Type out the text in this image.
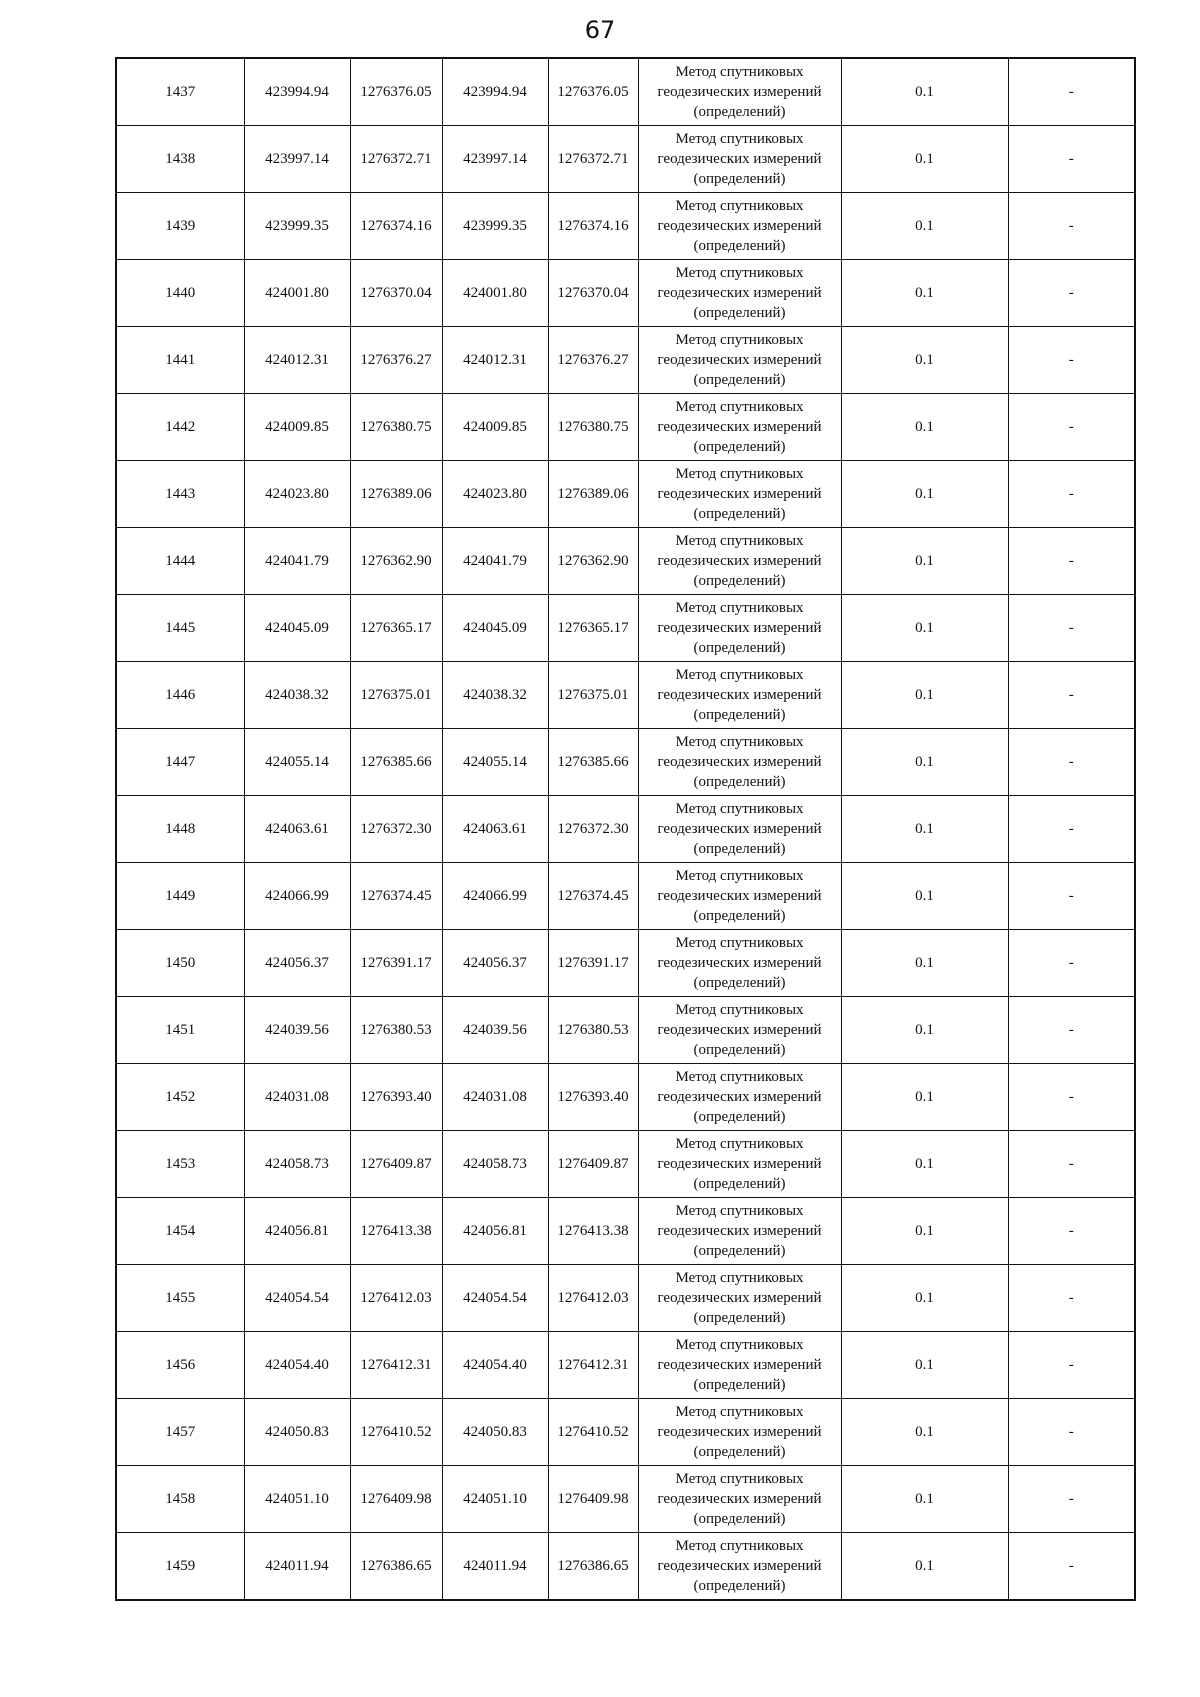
67
1437	423994.94	1276376.05	423994.94	1276376.05	Метод спутниковых
геодезических измерений
(определений)	0.1	-
1438	423997.14	1276372.71	423997.14	1276372.71	Метод спутниковых
геодезических измерений
(определений)	0.1	-
1439	423999.35	1276374.16	423999.35	1276374.16	Метод спутниковых
геодезических измерений
(определений)	0.1	-
1440	424001.80	1276370.04	424001.80	1276370.04	Метод спутниковых
геодезических измерений
(определений)	0.1	-
1441	424012.31	1276376.27	424012.31	1276376.27	Метод спутниковых
геодезических измерений
(определений)	0.1	-
1442	424009.85	1276380.75	424009.85	1276380.75	Метод спутниковых
геодезических измерений
(определений)	0.1	-
1443	424023.80	1276389.06	424023.80	1276389.06	Метод спутниковых
геодезических измерений
(определений)	0.1	-
1444	424041.79	1276362.90	424041.79	1276362.90	Метод спутниковых
геодезических измерений
(определений)	0.1	-
1445	424045.09	1276365.17	424045.09	1276365.17	Метод спутниковых
геодезических измерений
(определений)	0.1	-
1446	424038.32	1276375.01	424038.32	1276375.01	Метод спутниковых
геодезических измерений
(определений)	0.1	-
1447	424055.14	1276385.66	424055.14	1276385.66	Метод спутниковых
геодезических измерений
(определений)	0.1	-
1448	424063.61	1276372.30	424063.61	1276372.30	Метод спутниковых
геодезических измерений
(определений)	0.1	-
1449	424066.99	1276374.45	424066.99	1276374.45	Метод спутниковых
геодезических измерений
(определений)	0.1	-
1450	424056.37	1276391.17	424056.37	1276391.17	Метод спутниковых
геодезических измерений
(определений)	0.1	-
1451	424039.56	1276380.53	424039.56	1276380.53	Метод спутниковых
геодезических измерений
(определений)	0.1	-
1452	424031.08	1276393.40	424031.08	1276393.40	Метод спутниковых
геодезических измерений
(определений)	0.1	-
1453	424058.73	1276409.87	424058.73	1276409.87	Метод спутниковых
геодезических измерений
(определений)	0.1	-
1454	424056.81	1276413.38	424056.81	1276413.38	Метод спутниковых
геодезических измерений
(определений)	0.1	-
1455	424054.54	1276412.03	424054.54	1276412.03	Метод спутниковых
геодезических измерений
(определений)	0.1	-
1456	424054.40	1276412.31	424054.40	1276412.31	Метод спутниковых
геодезических измерений
(определений)	0.1	-
1457	424050.83	1276410.52	424050.83	1276410.52	Метод спутниковых
геодезических измерений
(определений)	0.1	-
1458	424051.10	1276409.98	424051.10	1276409.98	Метод спутниковых
геодезических измерений
(определений)	0.1	-
1459	424011.94	1276386.65	424011.94	1276386.65	Метод спутниковых
геодезических измерений
(определений)	0.1	-
